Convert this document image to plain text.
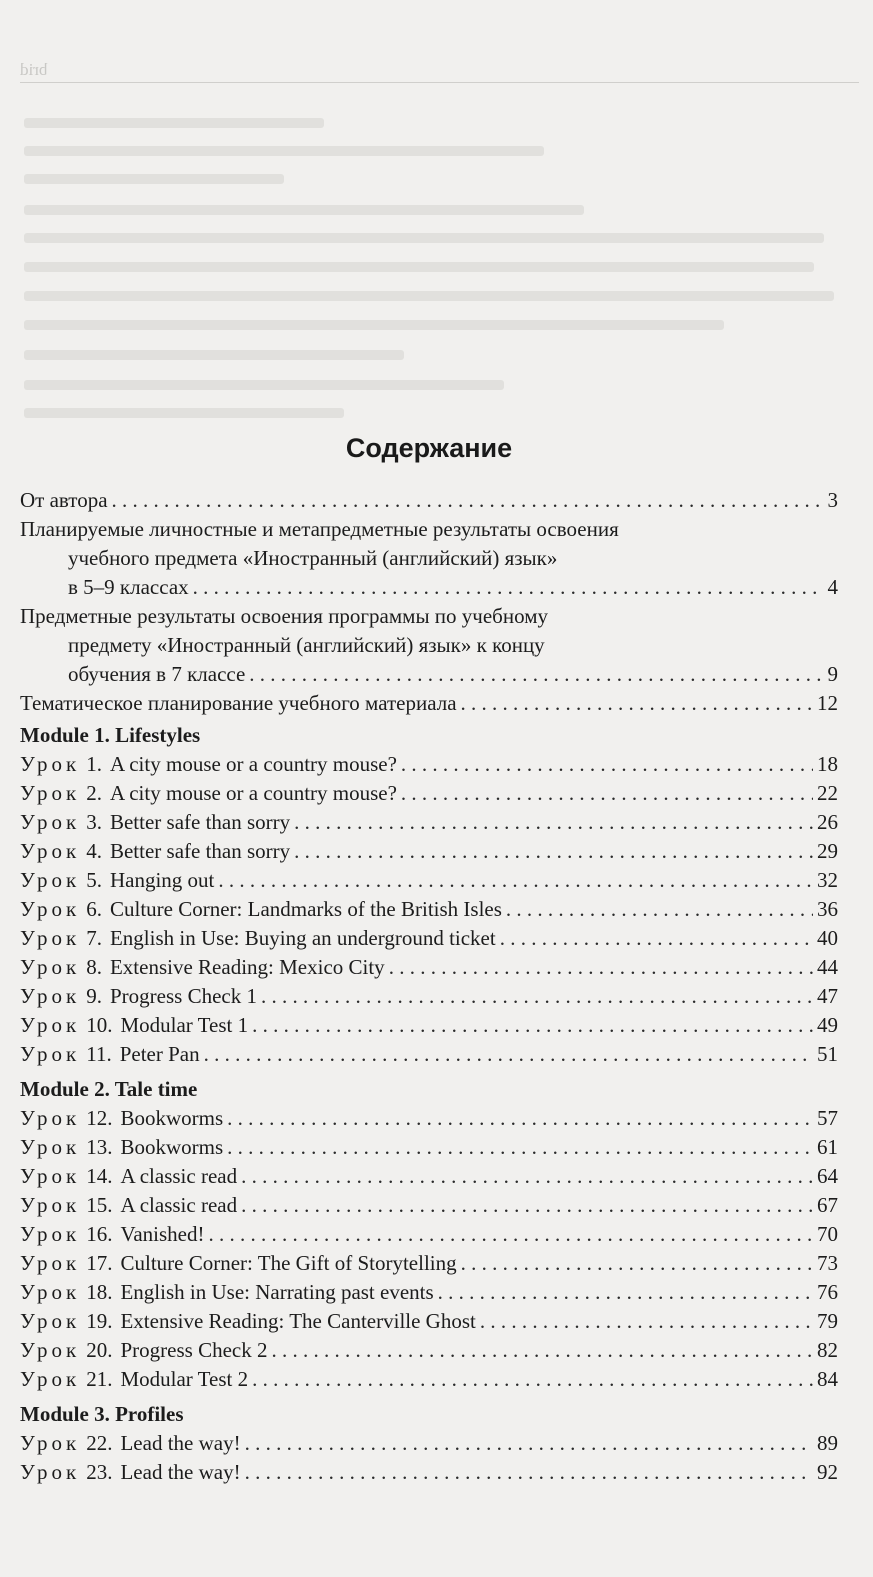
brid
Содержание
От автора . . .	3
Планируемые личностные и метапредметные результаты освоения
учебного предмета «Иностранный (английский) язык»
в 5–9 классах . . .	4
Предметные результаты освоения программы по учебному
предмету «Иностранный (английский) язык» к концу
обучения в 7 классе . . .	9
Тематическое планирование учебного материала . . .	12
Module 1. Lifestyles
Урок 1. A city mouse or a country mouse? . . .	18
Урок 2. A city mouse or a country mouse? . . .	22
Урок 3. Better safe than sorry . . .	26
Урок 4. Better safe than sorry . . .	29
Урок 5. Hanging out . . .	32
Урок 6. Culture Corner: Landmarks of the British Isles . . .	36
Урок 7. English in Use: Buying an underground ticket . . .	40
Урок 8. Extensive Reading: Mexico City . . .	44
Урок 9. Progress Check 1 . . .	47
Урок 10. Modular Test 1 . . .	49
Урок 11. Peter Pan . . .	51
Module 2. Tale time
Урок 12. Bookworms . . .	57
Урок 13. Bookworms . . .	61
Урок 14. A classic read . . .	64
Урок 15. A classic read . . .	67
Урок 16. Vanished! . . .	70
Урок 17. Culture Corner: The Gift of Storytelling . . .	73
Урок 18. English in Use: Narrating past events . . .	76
Урок 19. Extensive Reading: The Canterville Ghost . . .	79
Урок 20. Progress Check 2 . . .	82
Урок 21. Modular Test 2 . . .	84
Module 3. Profiles
Урок 22. Lead the way! . . .	89
Урок 23. Lead the way! . . .	92
